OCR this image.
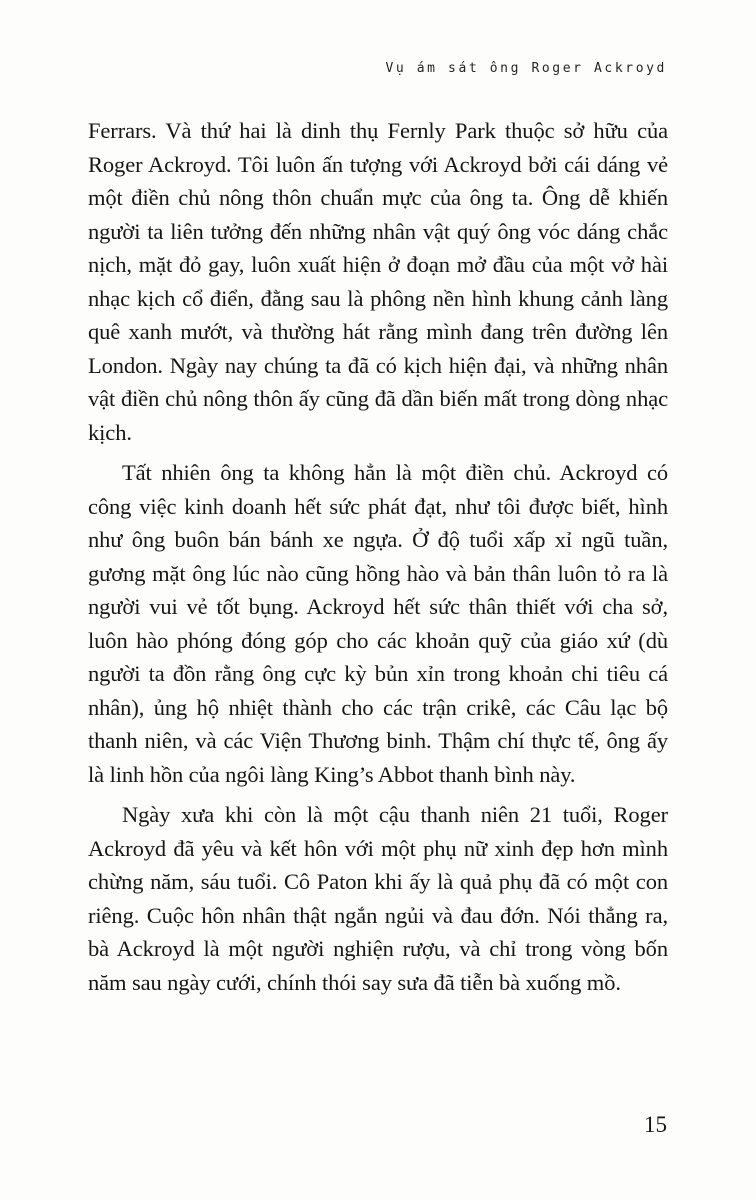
Vụ ám sát ông Roger Ackroyd

Ferrars. Và thứ hai là dinh thụ Fernly Park thuộc sở hữu của Roger Ackroyd. Tôi luôn ấn tượng với Ackroyd bởi cái dáng vẻ một điền chủ nông thôn chuẩn mực của ông ta. Ông dễ khiến người ta liên tưởng đến những nhân vật quý ông vóc dáng chắc nịch, mặt đỏ gay, luôn xuất hiện ở đoạn mở đầu của một vở hài nhạc kịch cổ điển, đằng sau là phông nền hình khung cảnh làng quê xanh mướt, và thường hát rằng mình đang trên đường lên London. Ngày nay chúng ta đã có kịch hiện đại, và những nhân vật điền chủ nông thôn ấy cũng đã dần biến mất trong dòng nhạc kịch.

Tất nhiên ông ta không hẳn là một điền chủ. Ackroyd có công việc kinh doanh hết sức phát đạt, như tôi được biết, hình như ông buôn bán bánh xe ngựa. Ở độ tuổi xấp xỉ ngũ tuần, gương mặt ông lúc nào cũng hồng hào và bản thân luôn tỏ ra là người vui vẻ tốt bụng. Ackroyd hết sức thân thiết với cha sở, luôn hào phóng đóng góp cho các khoản quỹ của giáo xứ (dù người ta đồn rằng ông cực kỳ bủn xỉn trong khoản chi tiêu cá nhân), ủng hộ nhiệt thành cho các trận crikê, các Câu lạc bộ thanh niên, và các Viện Thương binh. Thậm chí thực tế, ông ấy là linh hồn của ngôi làng King’s Abbot thanh bình này.

Ngày xưa khi còn là một cậu thanh niên 21 tuổi, Roger Ackroyd đã yêu và kết hôn với một phụ nữ xinh đẹp hơn mình chừng năm, sáu tuổi. Cô Paton khi ấy là quả phụ đã có một con riêng. Cuộc hôn nhân thật ngắn ngủi và đau đớn. Nói thẳng ra, bà Ackroyd là một người nghiện rượu, và chỉ trong vòng bốn năm sau ngày cưới, chính thói say sưa đã tiễn bà xuống mồ.

15
